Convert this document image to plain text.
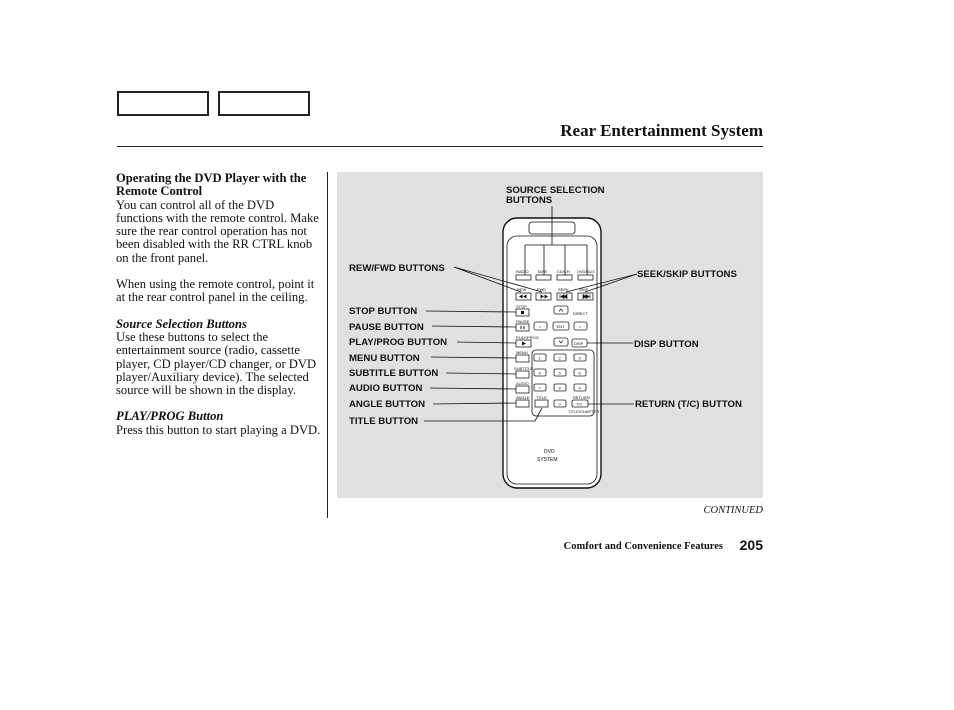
Rear Entertainment System

Operating the DVD Player with the Remote Control

You can control all of the DVD functions with the remote control. Make sure the rear control operation has not been disabled with the RR CTRL knob on the front panel.

When using the remote control, point it at the rear control panel in the ceiling.

Source Selection Buttons

Use these buttons to select the entertainment source (radio, cassette player, CD player/CD changer, or DVD player/Auxiliary device). The selected source will be shown in the display.

PLAY/PROG Button

Press this button to start playing a DVD.

RADIO TAPE CD/CH DVD/AUX
REW	FWD	SEEK	SKIP
STOP
PAUSE
PLAY/PROG
MENU
SUBTITLE
AUDIO
ANGLE TITLE
<	ENT	>
DIRECT
DISP
1	2	3
4	5	6
7	8	9
0
RETURN
T/C
TITLE/CHAPTER
DVD
SYSTEM
SOURCE SELECTION
BUTTONS
REW/FWD BUTTONS
SEEK/SKIP BUTTONS
STOP BUTTON
PAUSE BUTTON
PLAY/PROG BUTTON	DISP BUTTON
MENU BUTTON
SUBTITLE BUTTON
AUDIO BUTTON
ANGLE BUTTON	RETURN (T/C) BUTTON
TITLE BUTTON
CONTINUED
Comfort and Convenience Features 205
